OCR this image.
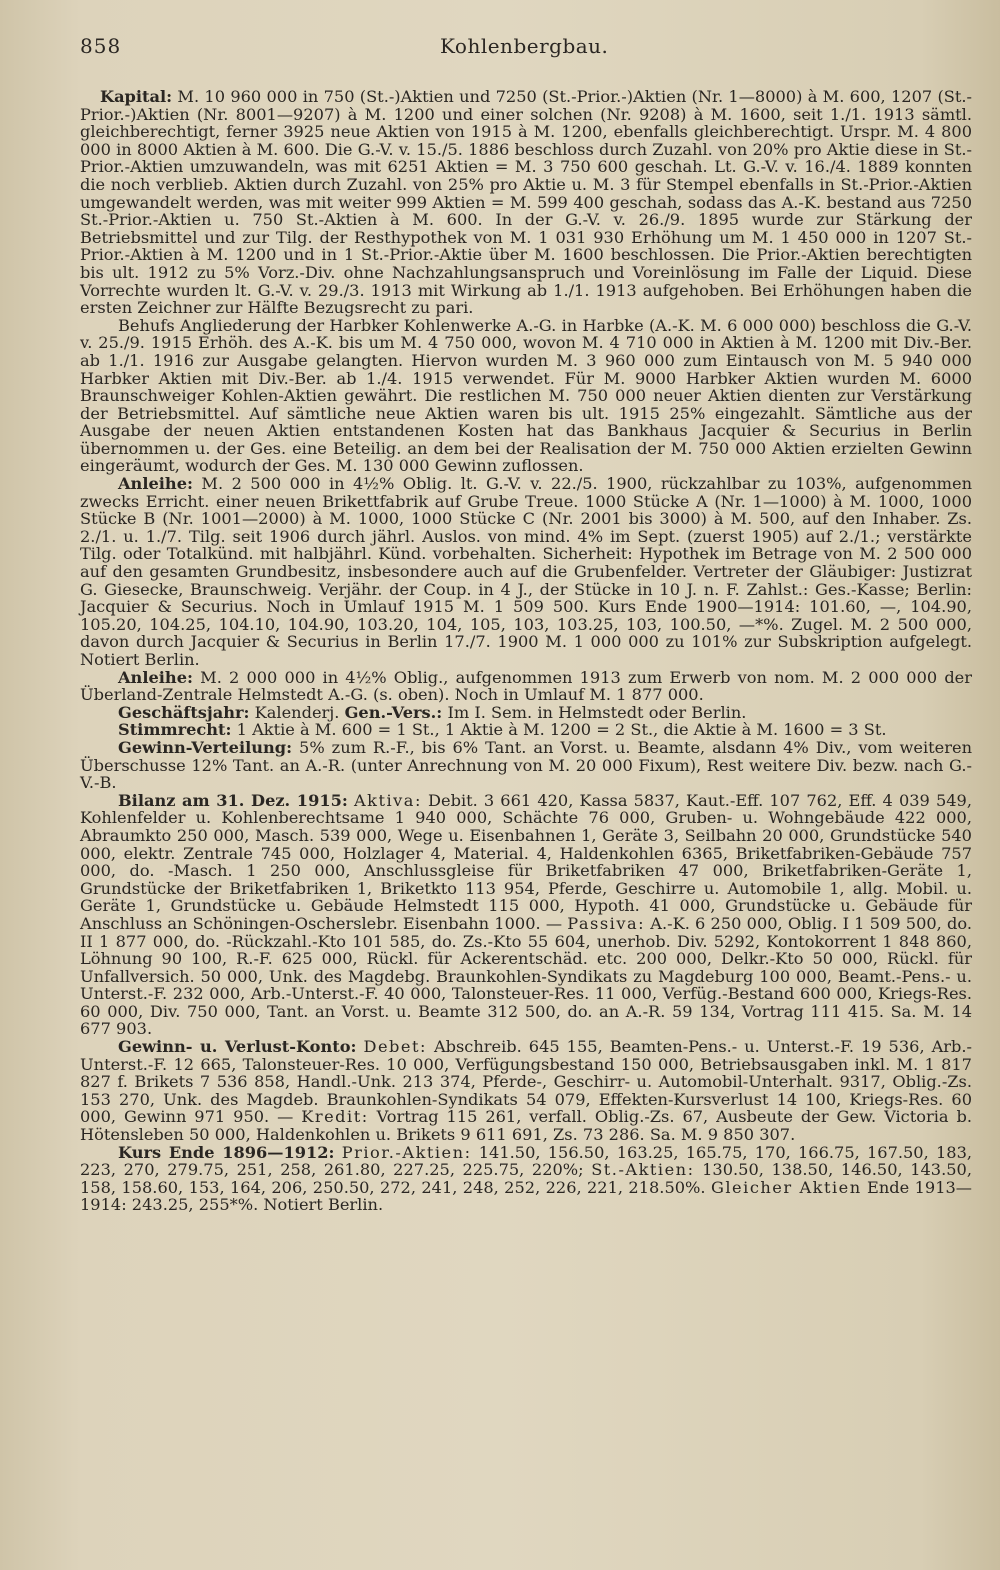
858	Kohlenbergbau.

Kapital: M. 10 960 000 in 750 (St.-)Aktien und 7250 (St.-Prior.-)Aktien (Nr. 1—8000) à M. 600, 1207 (St.-Prior.-)Aktien (Nr. 8001—9207) à M. 1200 und einer solchen (Nr. 9208) à M. 1600, seit 1./1. 1913 sämtl. gleichberechtigt, ferner 3925 neue Aktien von 1915 à M. 1200, ebenfalls gleichberechtigt. Urspr. M. 4 800 000 in 8000 Aktien à M. 600. Die G.-V. v. 15./5. 1886 beschloss durch Zuzahl. von 20% pro Aktie diese in St.-Prior.-Aktien umzuwandeln, was mit 6251 Aktien = M. 3 750 600 geschah. Lt. G.-V. v. 16./4. 1889 konnten die noch verblieb. Aktien durch Zuzahl. von 25% pro Aktie u. M. 3 für Stempel ebenfalls in St.-Prior.-Aktien umgewandelt werden, was mit weiter 999 Aktien = M. 599 400 geschah, sodass das A.-K. bestand aus 7250 St.-Prior.-Aktien u. 750 St.-Aktien à M. 600. In der G.-V. v. 26./9. 1895 wurde zur Stärkung der Betriebsmittel und zur Tilg. der Resthypothek von M. 1 031 930 Erhöhung um M. 1 450 000 in 1207 St.-Prior.-Aktien à M. 1200 und in 1 St.-Prior.-Aktie über M. 1600 beschlossen. Die Prior.-Aktien berechtigten bis ult. 1912 zu 5% Vorz.-Div. ohne Nachzahlungsanspruch und Voreinlösung im Falle der Liquid. Diese Vorrechte wurden lt. G.-V. v. 29./3. 1913 mit Wirkung ab 1./1. 1913 aufgehoben. Bei Erhöhungen haben die ersten Zeichner zur Hälfte Bezugsrecht zu pari.

Behufs Angliederung der Harbker Kohlenwerke A.-G. in Harbke (A.-K. M. 6 000 000) beschloss die G.-V. v. 25./9. 1915 Erhöh. des A.-K. bis um M. 4 750 000, wovon M. 4 710 000 in Aktien à M. 1200 mit Div.-Ber. ab 1./1. 1916 zur Ausgabe gelangten. Hiervon wurden M. 3 960 000 zum Eintausch von M. 5 940 000 Harbker Aktien mit Div.-Ber. ab 1./4. 1915 verwendet. Für M. 9000 Harbker Aktien wurden M. 6000 Braunschweiger Kohlen-Aktien gewährt. Die restlichen M. 750 000 neuer Aktien dienten zur Verstärkung der Betriebsmittel. Auf sämtliche neue Aktien waren bis ult. 1915 25% eingezahlt. Sämtliche aus der Ausgabe der neuen Aktien entstandenen Kosten hat das Bankhaus Jacquier & Securius in Berlin übernommen u. der Ges. eine Beteilig. an dem bei der Realisation der M. 750 000 Aktien erzielten Gewinn eingeräumt, wodurch der Ges. M. 130 000 Gewinn zuflossen.

Anleihe: M. 2 500 000 in 4½% Oblig. lt. G.-V. v. 22./5. 1900, rückzahlbar zu 103%, aufgenommen zwecks Erricht. einer neuen Brikettfabrik auf Grube Treue. 1000 Stücke A (Nr. 1—1000) à M. 1000, 1000 Stücke B (Nr. 1001—2000) à M. 1000, 1000 Stücke C (Nr. 2001 bis 3000) à M. 500, auf den Inhaber. Zs. 2./1. u. 1./7. Tilg. seit 1906 durch jährl. Auslos. von mind. 4% im Sept. (zuerst 1905) auf 2./1.; verstärkte Tilg. oder Totalkünd. mit halbjährl. Künd. vorbehalten. Sicherheit: Hypothek im Betrage von M. 2 500 000 auf den gesamten Grundbesitz, insbesondere auch auf die Grubenfelder. Vertreter der Gläubiger: Justizrat G. Giesecke, Braunschweig. Verjähr. der Coup. in 4 J., der Stücke in 10 J. n. F. Zahlst.: Ges.-Kasse; Berlin: Jacquier & Securius. Noch in Umlauf 1915 M. 1 509 500. Kurs Ende 1900—1914: 101.60, —, 104.90, 105.20, 104.25, 104.10, 104.90, 103.20, 104, 105, 103, 103.25, 103, 100.50, —*%. Zugel. M. 2 500 000, davon durch Jacquier & Securius in Berlin 17./7. 1900 M. 1 000 000 zu 101% zur Subskription aufgelegt. Notiert Berlin.

Anleihe: M. 2 000 000 in 4½% Oblig., aufgenommen 1913 zum Erwerb von nom. M. 2 000 000 der Überland-Zentrale Helmstedt A.-G. (s. oben). Noch in Umlauf M. 1 877 000.

Geschäftsjahr: Kalenderj. Gen.-Vers.: Im I. Sem. in Helmstedt oder Berlin.

Stimmrecht: 1 Aktie à M. 600 = 1 St., 1 Aktie à M. 1200 = 2 St., die Aktie à M. 1600 = 3 St.

Gewinn-Verteilung: 5% zum R.-F., bis 6% Tant. an Vorst. u. Beamte, alsdann 4% Div., vom weiteren Überschusse 12% Tant. an A.-R. (unter Anrechnung von M. 20 000 Fixum), Rest weitere Div. bezw. nach G.-V.-B.

Bilanz am 31. Dez. 1915: Aktiva: Debit. 3 661 420, Kassa 5837, Kaut.-Eff. 107 762, Eff. 4 039 549, Kohlenfelder u. Kohlenberechtsame 1 940 000, Schächte 76 000, Gruben- u. Wohngebäude 422 000, Abraumkto 250 000, Masch. 539 000, Wege u. Eisenbahnen 1, Geräte 3, Seilbahn 20 000, Grundstücke 540 000, elektr. Zentrale 745 000, Holzlager 4, Material. 4, Haldenkohlen 6365, Briketfabriken-Gebäude 757 000, do. -Masch. 1 250 000, Anschlussgleise für Briketfabriken 47 000, Briketfabriken-Geräte 1, Grundstücke der Briketfabriken 1, Briketkto 113 954, Pferde, Geschirre u. Automobile 1, allg. Mobil. u. Geräte 1, Grundstücke u. Gebäude Helmstedt 115 000, Hypoth. 41 000, Grundstücke u. Gebäude für Anschluss an Schöningen-Oscherslebr. Eisenbahn 1000. — Passiva: A.-K. 6 250 000, Oblig. I 1 509 500, do. II 1 877 000, do. -Rückzahl.-Kto 101 585, do. Zs.-Kto 55 604, unerhob. Div. 5292, Kontokorrent 1 848 860, Löhnung 90 100, R.-F. 625 000, Rückl. für Ackerentschäd. etc. 200 000, Delkr.-Kto 50 000, Rückl. für Unfallversich. 50 000, Unk. des Magdebg. Braunkohlen-Syndikats zu Magdeburg 100 000, Beamt.-Pens.- u. Unterst.-F. 232 000, Arb.-Unterst.-F. 40 000, Talonsteuer-Res. 11 000, Verfüg.-Bestand 600 000, Kriegs-Res. 60 000, Div. 750 000, Tant. an Vorst. u. Beamte 312 500, do. an A.-R. 59 134, Vortrag 111 415. Sa. M. 14 677 903.

Gewinn- u. Verlust-Konto: Debet: Abschreib. 645 155, Beamten-Pens.- u. Unterst.-F. 19 536, Arb.-Unterst.-F. 12 665, Talonsteuer-Res. 10 000, Verfügungsbestand 150 000, Betriebsausgaben inkl. M. 1 817 827 f. Brikets 7 536 858, Handl.-Unk. 213 374, Pferde-, Geschirr- u. Automobil-Unterhalt. 9317, Oblig.-Zs. 153 270, Unk. des Magdeb. Braunkohlen-Syndikats 54 079, Effekten-Kursverlust 14 100, Kriegs-Res. 60 000, Gewinn 971 950. — Kredit: Vortrag 115 261, verfall. Oblig.-Zs. 67, Ausbeute der Gew. Victoria b. Hötensleben 50 000, Haldenkohlen u. Brikets 9 611 691, Zs. 73 286. Sa. M. 9 850 307.

Kurs Ende 1896—1912: Prior.-Aktien: 141.50, 156.50, 163.25, 165.75, 170, 166.75, 167.50, 183, 223, 270, 279.75, 251, 258, 261.80, 227.25, 225.75, 220%; St.-Aktien: 130.50, 138.50, 146.50, 143.50, 158, 158.60, 153, 164, 206, 250.50, 272, 241, 248, 252, 226, 221, 218.50%. Gleicher Aktien Ende 1913—1914: 243.25, 255*%. Notiert Berlin.
